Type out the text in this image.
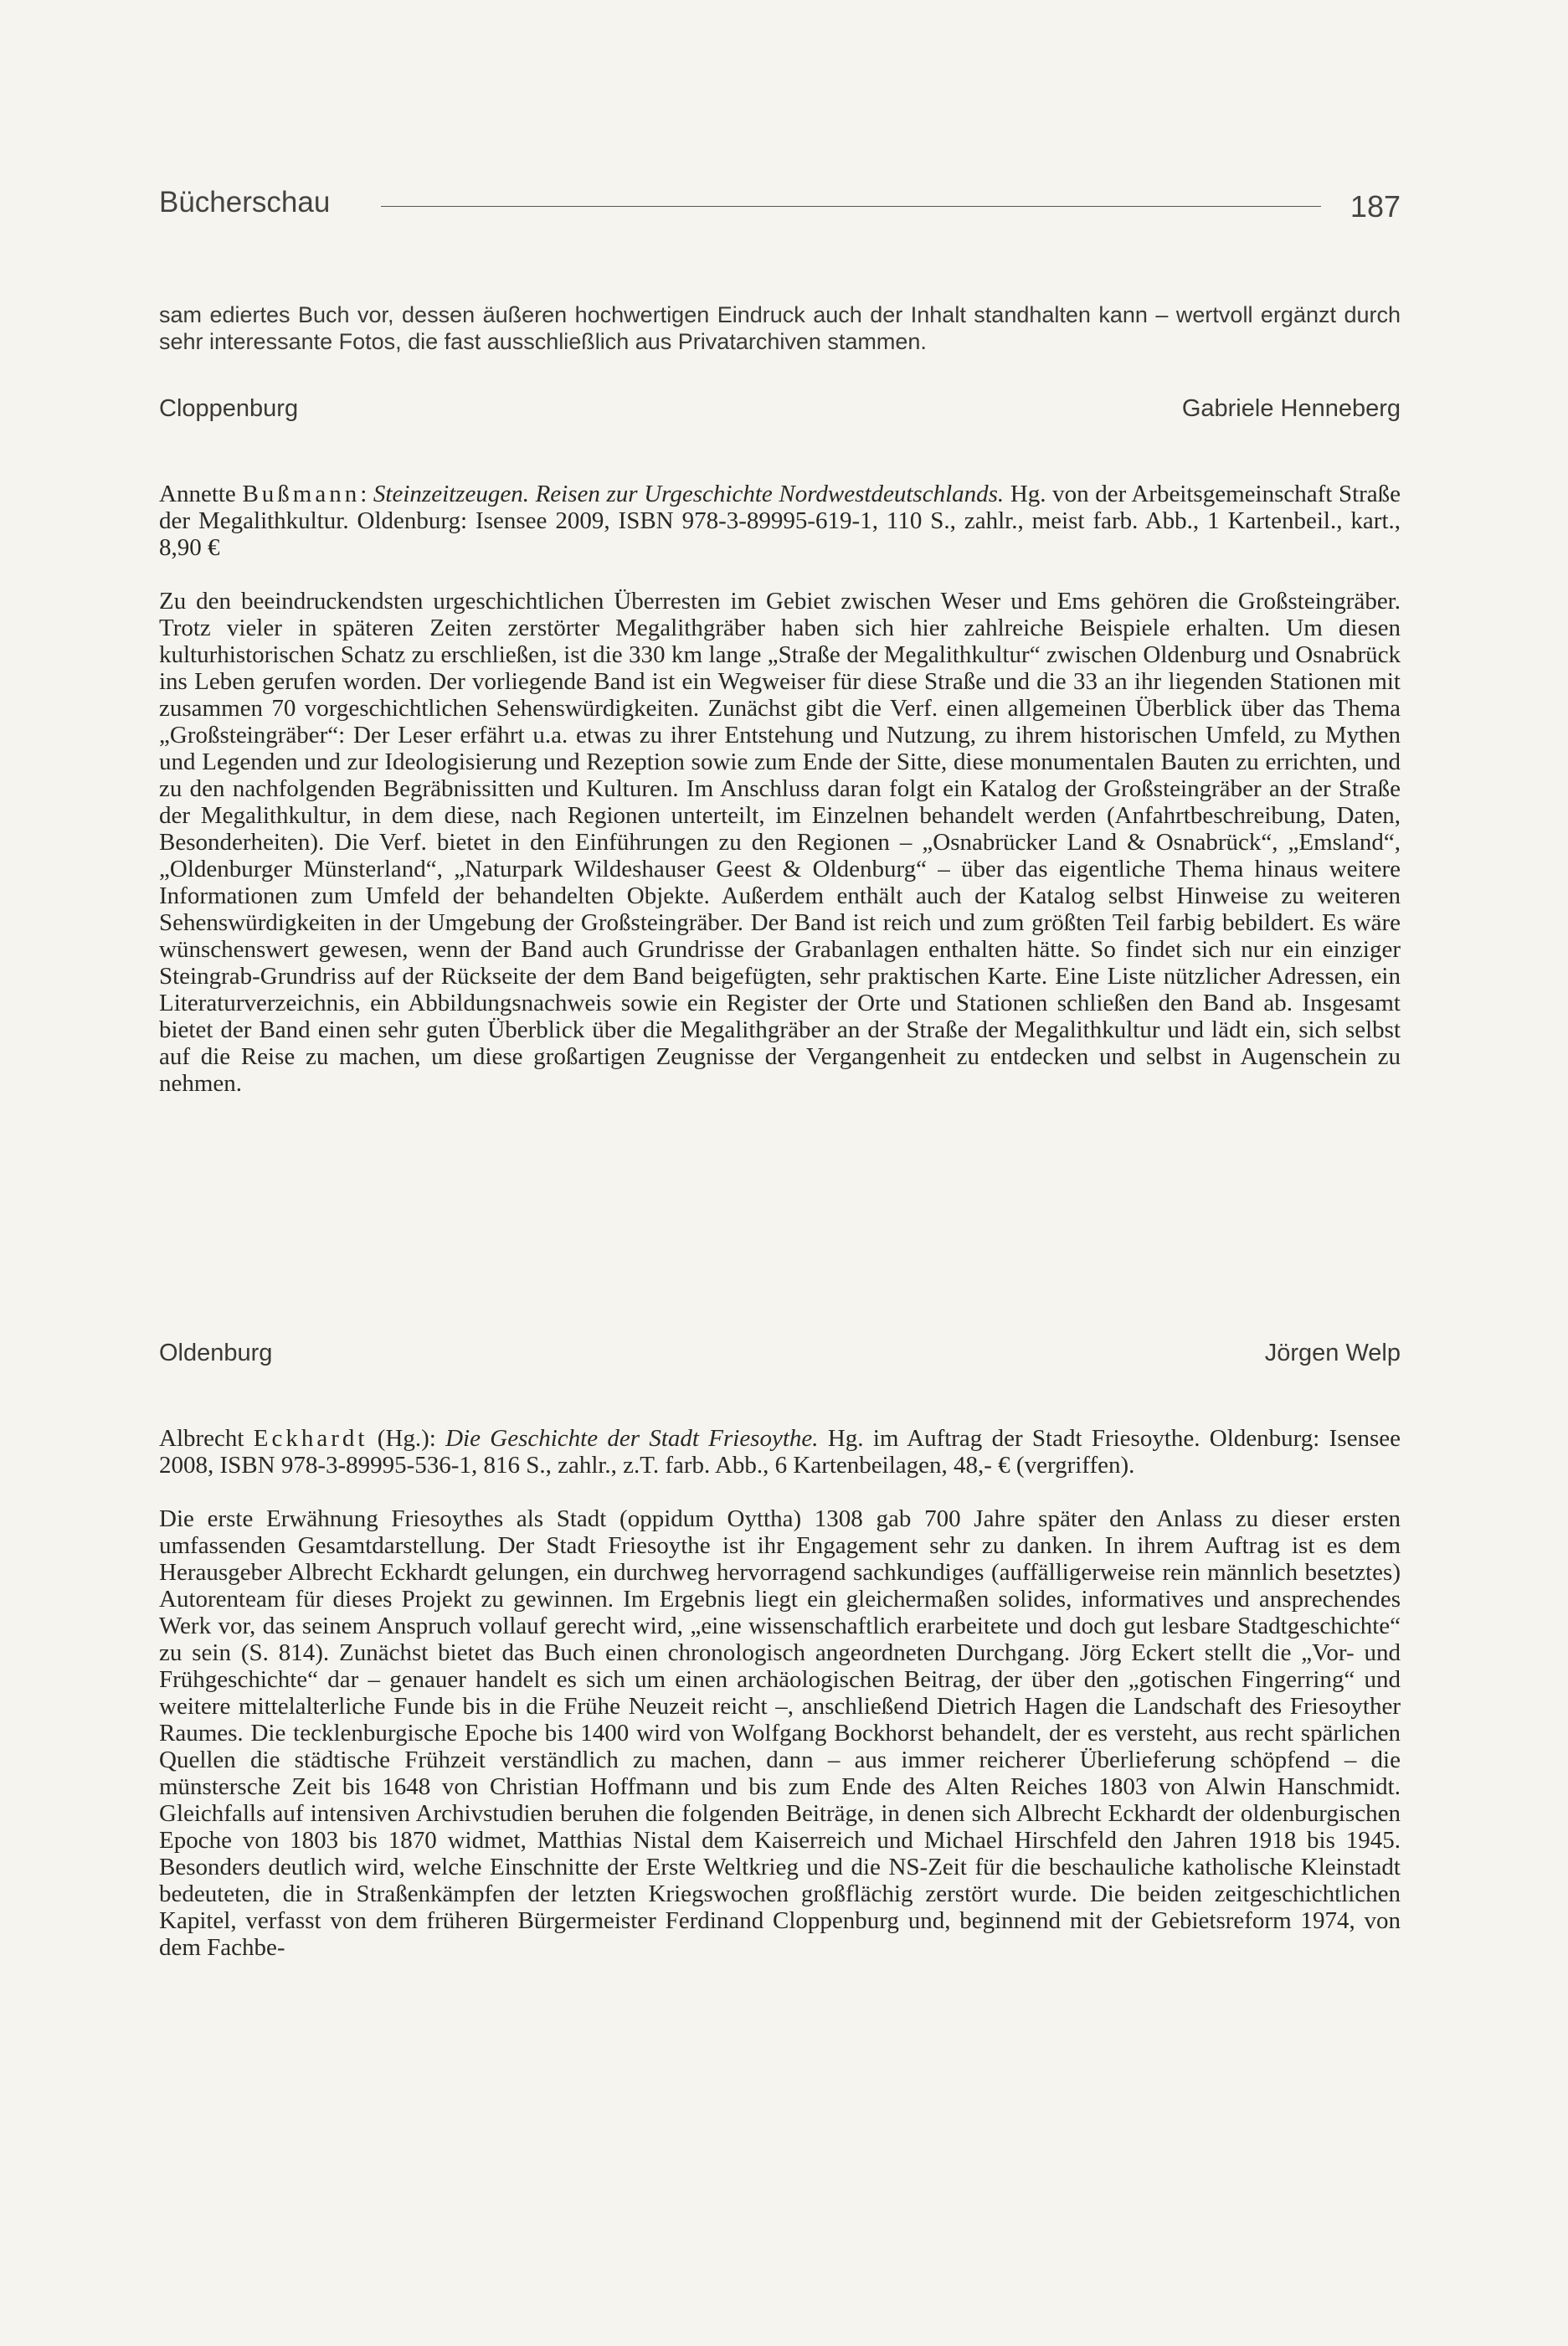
Bücherschau	187

sam ediertes Buch vor, dessen äußeren hochwertigen Eindruck auch der Inhalt standhalten kann – wertvoll ergänzt durch sehr interessante Fotos, die fast ausschließlich aus Privatarchiven stammen.

Cloppenburg	Gabriele Henneberg

Annette Bußmann: Steinzeitzeugen. Reisen zur Urgeschichte Nordwestdeutschlands. Hg. von der Arbeitsgemeinschaft Straße der Megalithkultur. Oldenburg: Isensee 2009, ISBN 978-3-89995-619-1, 110 S., zahlr., meist farb. Abb., 1 Kartenbeil., kart., 8,90 €

Zu den beeindruckendsten urgeschichtlichen Überresten im Gebiet zwischen Weser und Ems gehören die Großsteingräber. Trotz vieler in späteren Zeiten zerstörter Megalithgräber haben sich hier zahlreiche Beispiele erhalten. Um diesen kulturhistorischen Schatz zu erschließen, ist die 330 km lange „Straße der Megalithkultur“ zwischen Oldenburg und Osnabrück ins Leben gerufen worden. Der vorliegende Band ist ein Wegweiser für diese Straße und die 33 an ihr liegenden Stationen mit zusammen 70 vorgeschichtlichen Sehenswürdigkeiten. Zunächst gibt die Verf. einen allgemeinen Überblick über das Thema „Großsteingräber“: Der Leser erfährt u.a. etwas zu ihrer Entstehung und Nutzung, zu ihrem historischen Umfeld, zu Mythen und Legenden und zur Ideologisierung und Rezeption sowie zum Ende der Sitte, diese monumentalen Bauten zu errichten, und zu den nachfolgenden Begräbnissitten und Kulturen. Im Anschluss daran folgt ein Katalog der Großsteingräber an der Straße der Megalithkultur, in dem diese, nach Regionen unterteilt, im Einzelnen behandelt werden (Anfahrtbeschreibung, Daten, Besonderheiten). Die Verf. bietet in den Einführungen zu den Regionen – „Osnabrücker Land & Osnabrück“, „Emsland“, „Oldenburger Münsterland“, „Naturpark Wildeshauser Geest & Oldenburg“ – über das eigentliche Thema hinaus weitere Informationen zum Umfeld der behandelten Objekte. Außerdem enthält auch der Katalog selbst Hinweise zu weiteren Sehenswürdigkeiten in der Umgebung der Großsteingräber. Der Band ist reich und zum größten Teil farbig bebildert. Es wäre wünschenswert gewesen, wenn der Band auch Grundrisse der Grabanlagen enthalten hätte. So findet sich nur ein einziger Steingrab-Grundriss auf der Rückseite der dem Band beigefügten, sehr praktischen Karte. Eine Liste nützlicher Adressen, ein Literaturverzeichnis, ein Abbildungsnachweis sowie ein Register der Orte und Stationen schließen den Band ab. Insgesamt bietet der Band einen sehr guten Überblick über die Megalithgräber an der Straße der Megalithkultur und lädt ein, sich selbst auf die Reise zu machen, um diese großartigen Zeugnisse der Vergangenheit zu entdecken und selbst in Augenschein zu nehmen.

Oldenburg	Jörgen Welp

Albrecht Eckhardt (Hg.): Die Geschichte der Stadt Friesoythe. Hg. im Auftrag der Stadt Friesoythe. Oldenburg: Isensee 2008, ISBN 978-3-89995-536-1, 816 S., zahlr., z.T. farb. Abb., 6 Kartenbeilagen, 48,- € (vergriffen).

Die erste Erwähnung Friesoythes als Stadt (oppidum Oyttha) 1308 gab 700 Jahre später den Anlass zu dieser ersten umfassenden Gesamtdarstellung. Der Stadt Friesoythe ist ihr Engagement sehr zu danken. In ihrem Auftrag ist es dem Herausgeber Albrecht Eckhardt gelungen, ein durchweg hervorragend sachkundiges (auffälligerweise rein männlich besetztes) Autorenteam für dieses Projekt zu gewinnen. Im Ergebnis liegt ein gleichermaßen solides, informatives und ansprechendes Werk vor, das seinem Anspruch vollauf gerecht wird, „eine wissenschaftlich erarbeitete und doch gut lesbare Stadtgeschichte“ zu sein (S. 814). Zunächst bietet das Buch einen chronologisch angeordneten Durchgang. Jörg Eckert stellt die „Vor- und Frühgeschichte“ dar – genauer handelt es sich um einen archäologischen Beitrag, der über den „gotischen Fingerring“ und weitere mittelalterliche Funde bis in die Frühe Neuzeit reicht –, anschließend Dietrich Hagen die Landschaft des Friesoyther Raumes. Die tecklenburgische Epoche bis 1400 wird von Wolfgang Bockhorst behandelt, der es versteht, aus recht spärlichen Quellen die städtische Frühzeit verständlich zu machen, dann – aus immer reicherer Überlieferung schöpfend – die münstersche Zeit bis 1648 von Christian Hoffmann und bis zum Ende des Alten Reiches 1803 von Alwin Hanschmidt. Gleichfalls auf intensiven Archivstudien beruhen die folgenden Beiträge, in denen sich Albrecht Eckhardt der oldenburgischen Epoche von 1803 bis 1870 widmet, Matthias Nistal dem Kaiserreich und Michael Hirschfeld den Jahren 1918 bis 1945. Besonders deutlich wird, welche Einschnitte der Erste Weltkrieg und die NS-Zeit für die beschauliche katholische Kleinstadt bedeuteten, die in Straßenkämpfen der letzten Kriegswochen großflächig zerstört wurde. Die beiden zeitgeschichtlichen Kapitel, verfasst von dem früheren Bürgermeister Ferdinand Cloppenburg und, beginnend mit der Gebietsreform 1974, von dem Fachbe-
